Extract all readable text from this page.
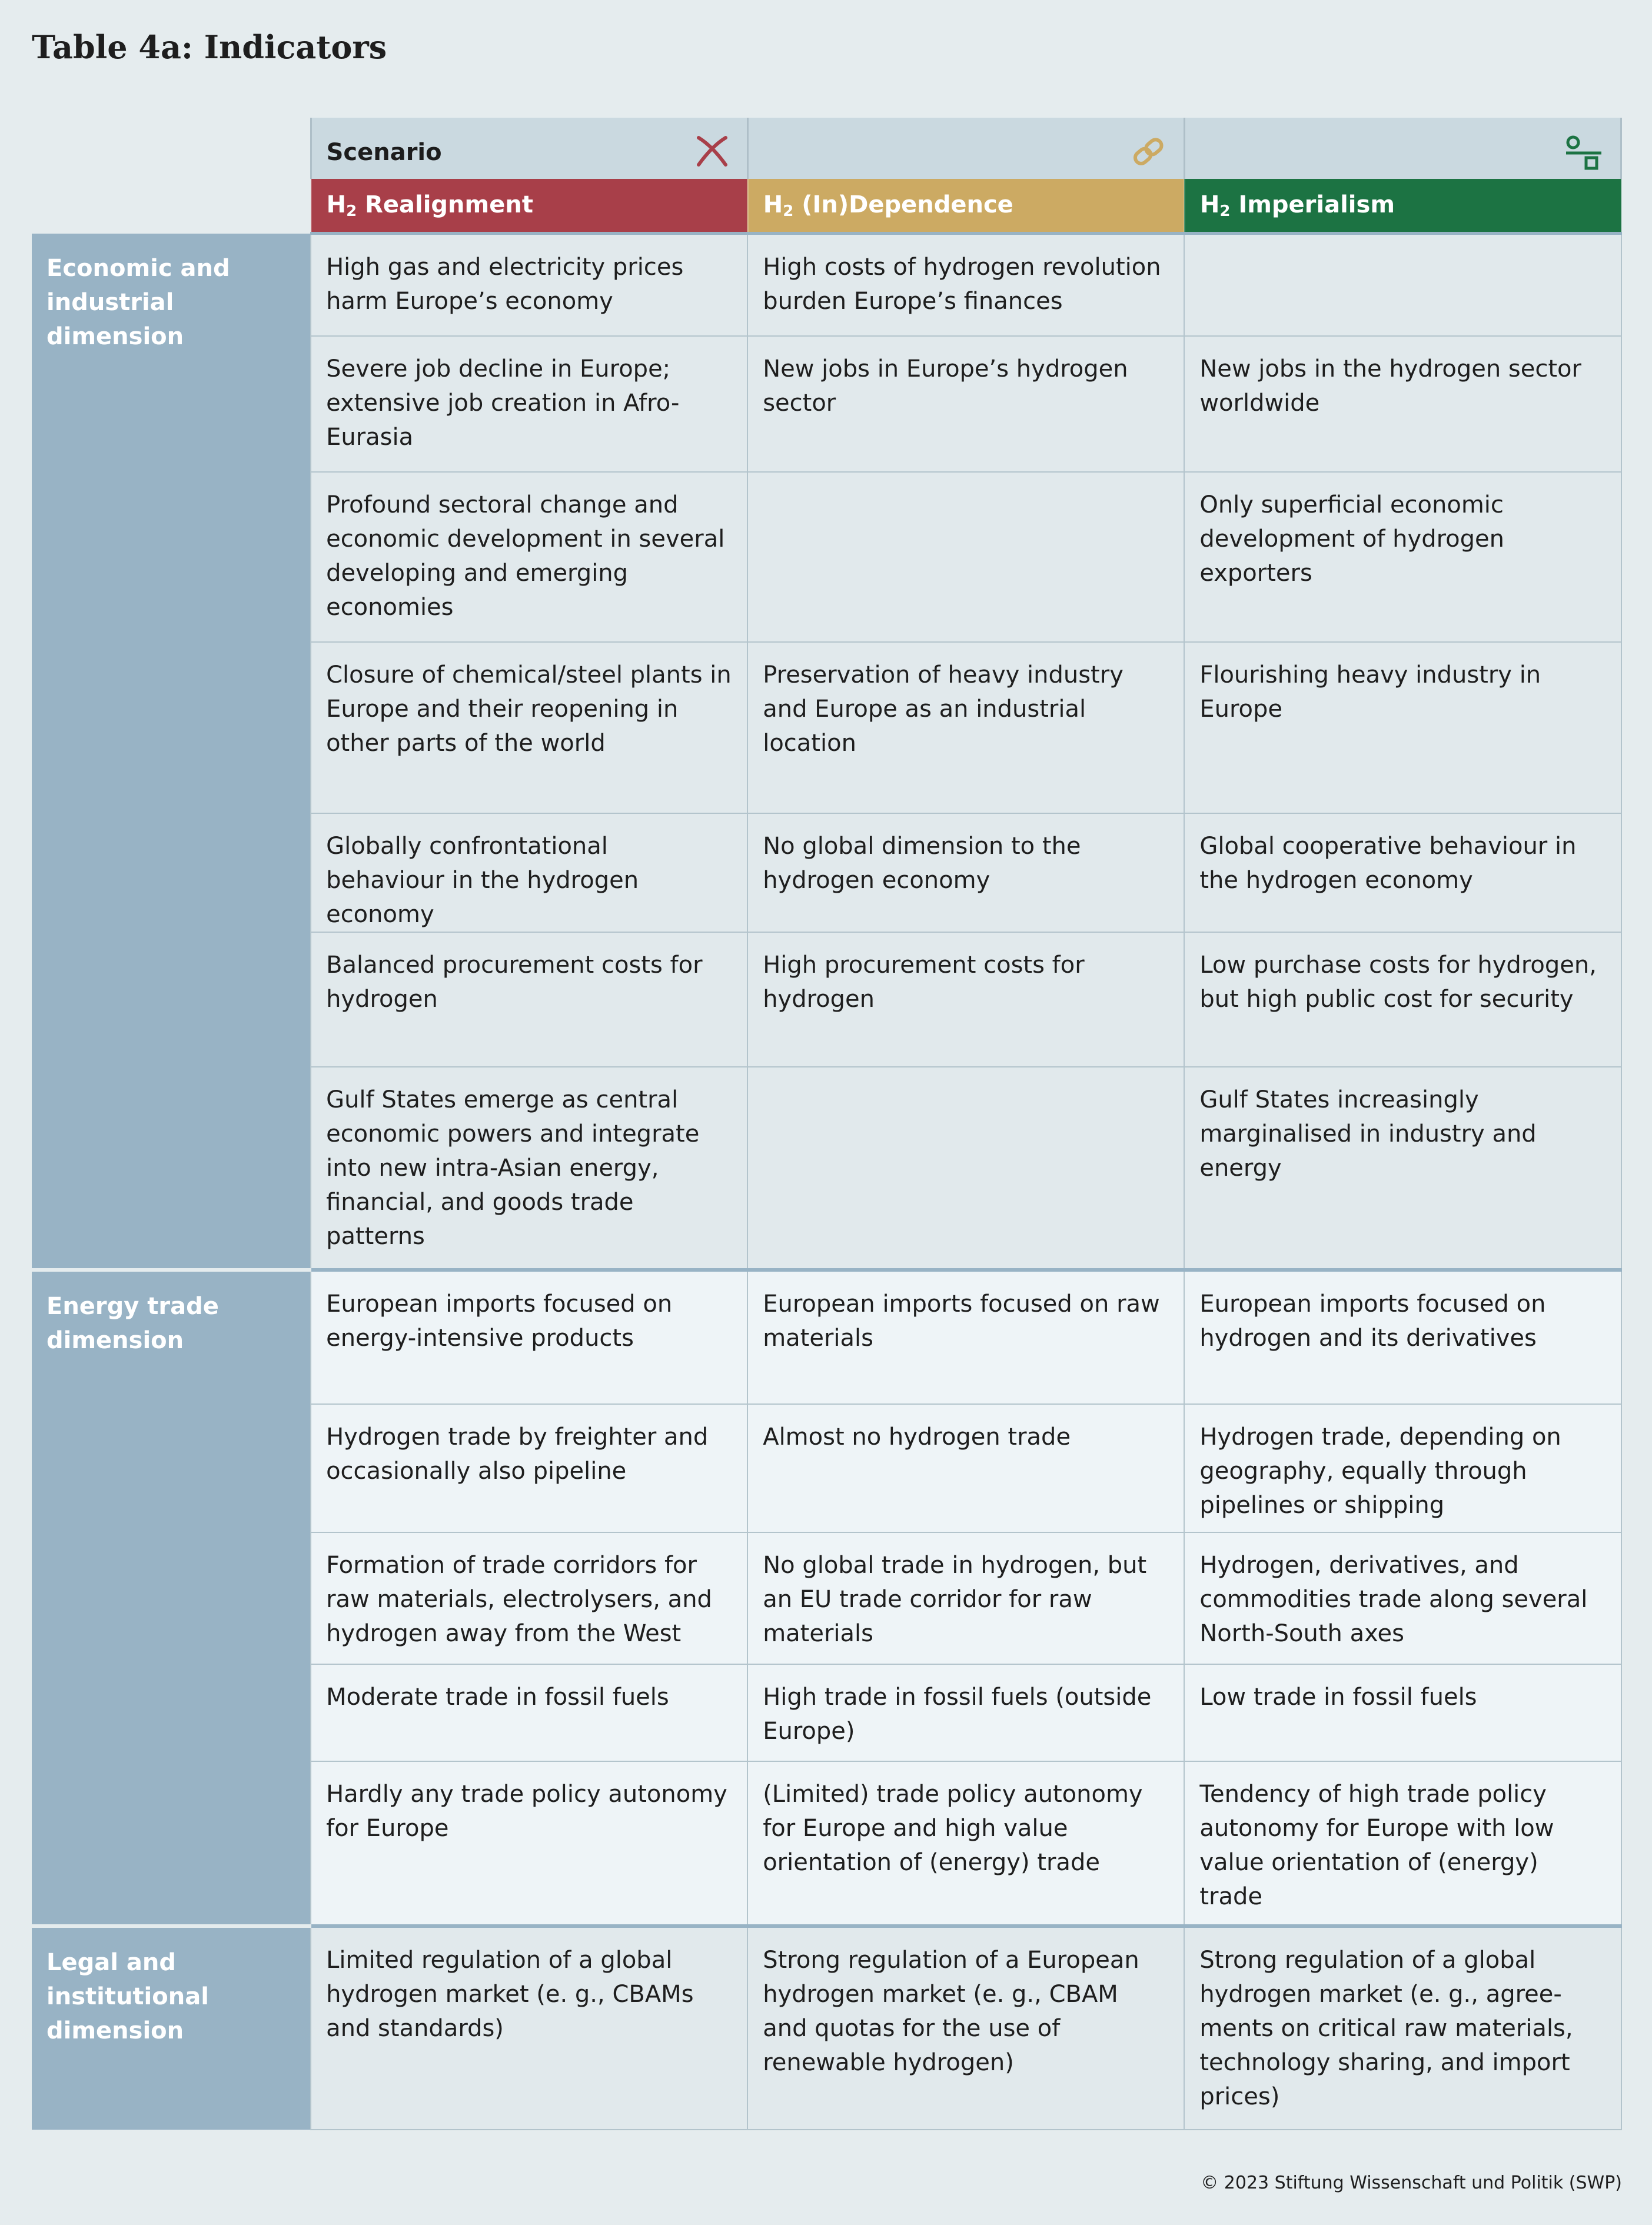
Table 4a: Indicators

	Scenario

	$H_2$ Realignment	$H_2$ (In)Dependence	$H_2$ Imperialism
Economic and industrial dimension	High gas and electricity prices harm Europe’s economy	High costs of hydrogen revolution burden Europe’s finances	
	Severe job decline in Europe; extensive job creation in Afro-Eurasia	New jobs in Europe’s hydrogen sector	New jobs in the hydrogen sector worldwide
	Profound sectoral change and economic development in several developing and emerging economies		Only superficial economic development of hydrogen exporters
	Closure of chemical/steel plants in Europe and their reopening in other parts of the world	Preservation of heavy industry and Europe as an industrial location	Flourishing heavy industry in Europe
	Globally confrontational behaviour in the hydrogen economy	No global dimension to the hydrogen economy	Global cooperative behaviour in the hydrogen economy
	Balanced procurement costs for hydrogen	High procurement costs for hydrogen	Low purchase costs for hydrogen, but high public cost for security
	Gulf States emerge as central economic powers and integrate into new intra-Asian energy, financial, and goods trade patterns		Gulf States increasingly marginalised in industry and energy
Energy trade dimension	European imports focused on energy-intensive products	European imports focused on raw materials	European imports focused on hydrogen and its derivatives
	Hydrogen trade by freighter and occasionally also pipeline	Almost no hydrogen trade	Hydrogen trade, depending on geography, equally through pipelines or shipping
	Formation of trade corridors for raw materials, electrolysers, and hydrogen away from the West	No global trade in hydrogen, but an EU trade corridor for raw materials	Hydrogen, derivatives, and commodities trade along several North-South axes
	Moderate trade in fossil fuels	High trade in fossil fuels (outside Europe)	Low trade in fossil fuels
	Hardly any trade policy autonomy for Europe	(Limited) trade policy autonomy for Europe and high value orientation of (energy) trade	Tendency of high trade policy autonomy for Europe with low value orientation of (energy) trade
Legal and institutional dimension	Limited regulation of a global hydrogen market (e. g., CBAMs and standards)	Strong regulation of a European hydrogen market (e. g., CBAM and quotas for the use of renewable hydrogen)	Strong regulation of a global hydrogen market (e. g., agree-ments on critical raw materials, technology sharing, and import prices)
© 2023 Stiftung Wissenschaft und Politik (SWP)
